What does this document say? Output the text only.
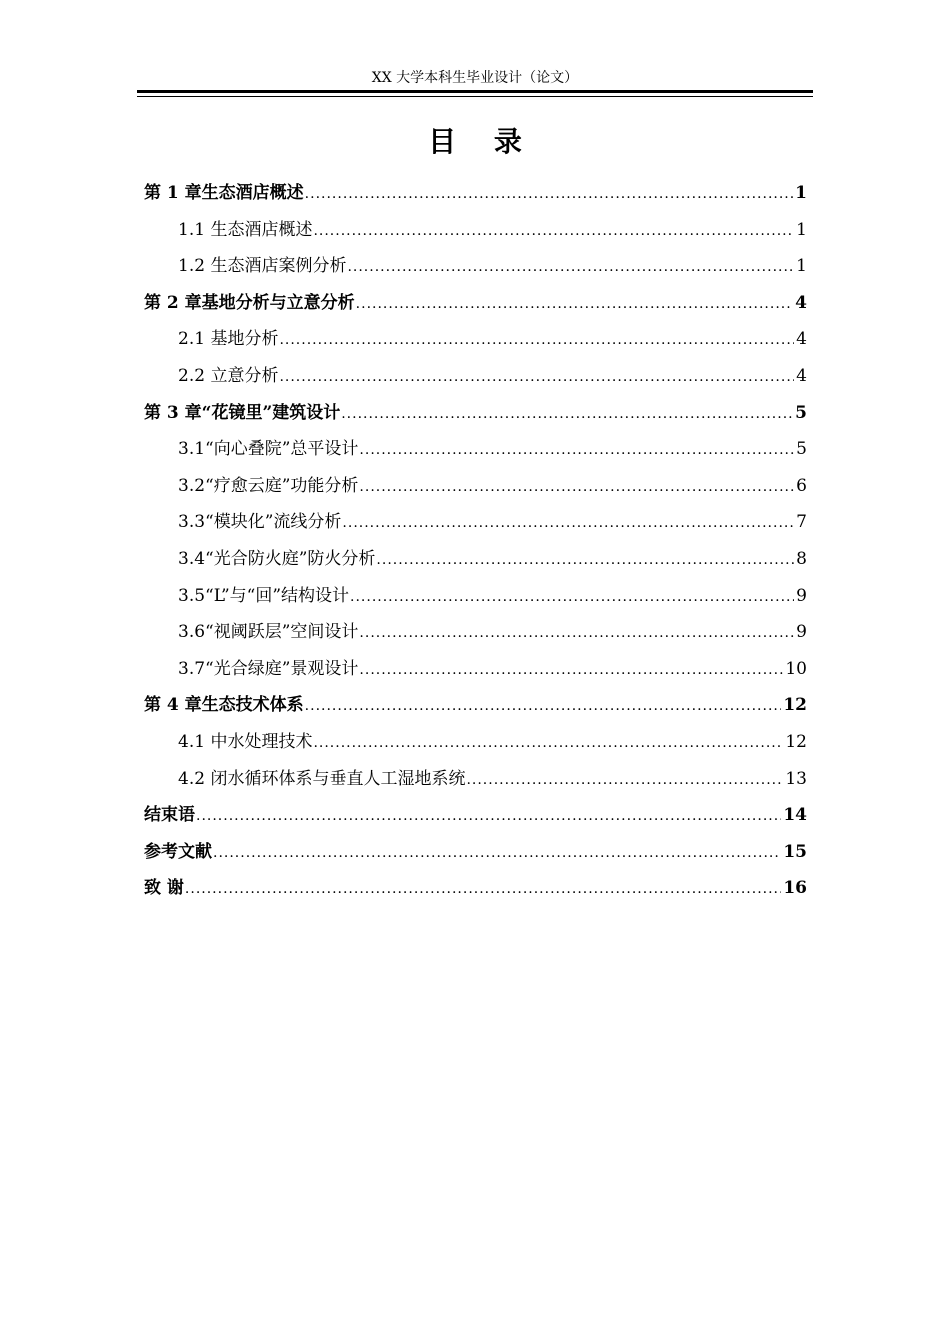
XX 大学本科生毕业设计（论文）
目 录
第 1 章生态酒店概述 .....	1
1.1 生态酒店概述 .....	1
1.2 生态酒店案例分析 .....	1
第 2 章基地分析与立意分析 .....	4
2.1 基地分析 .....	4
2.2 立意分析 .....	4
第 3 章“花镜里”建筑设计 .....	5
3.1“向心叠院”总平设计 .....	5
3.2“疗愈云庭”功能分析 .....	6
3.3“模块化”流线分析 .....	7
3.4“光合防火庭”防火分析 .....	8
3.5“L”与“回”结构设计 .....	9
3.6“视阈跃层”空间设计 .....	9
3.7“光合绿庭”景观设计 .....	10
第 4 章生态技术体系 .....	12
4.1 中水处理技术 .....	12
4.2 闭水循环体系与垂直人工湿地系统 .....	13
结束语 .....	14
参考文献 .....	15
致 谢 .....	16
